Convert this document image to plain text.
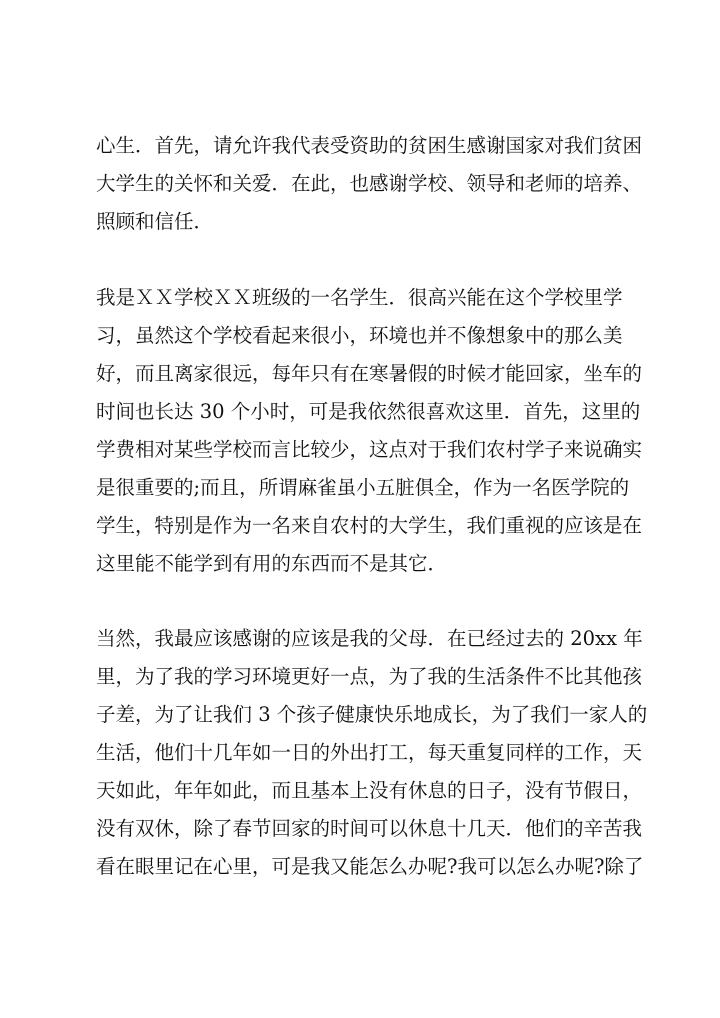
心生．首先，请允许我代表受资助的贫困生感谢国家对我们贫困
大学生的关怀和关爱．在此，也感谢学校、领导和老师的培养、
照顾和信任．
我是ＸＸ学校ＸＸ班级的一名学生．很高兴能在这个学校里学
习，虽然这个学校看起来很小，环境也并不像想象中的那么美
好，而且离家很远，每年只有在寒暑假的时候才能回家，坐车的
时间也长达 30 个小时，可是我依然很喜欢这里．首先，这里的
学费相对某些学校而言比较少，这点对于我们农村学子来说确实
是很重要的;而且，所谓麻雀虽小五脏俱全，作为一名医学院的
学生，特别是作为一名来自农村的大学生，我们重视的应该是在
这里能不能学到有用的东西而不是其它．
当然，我最应该感谢的应该是我的父母．在已经过去的 20xx 年
里，为了我的学习环境更好一点，为了我的生活条件不比其他孩
子差，为了让我们 3 个孩子健康快乐地成长，为了我们一家人的
生活，他们十几年如一日的外出打工，每天重复同样的工作，天
天如此，年年如此，而且基本上没有休息的日子，没有节假日，
没有双休，除了春节回家的时间可以休息十几天．他们的辛苦我
看在眼里记在心里，可是我又能怎么办呢?我可以怎么办呢?除了
